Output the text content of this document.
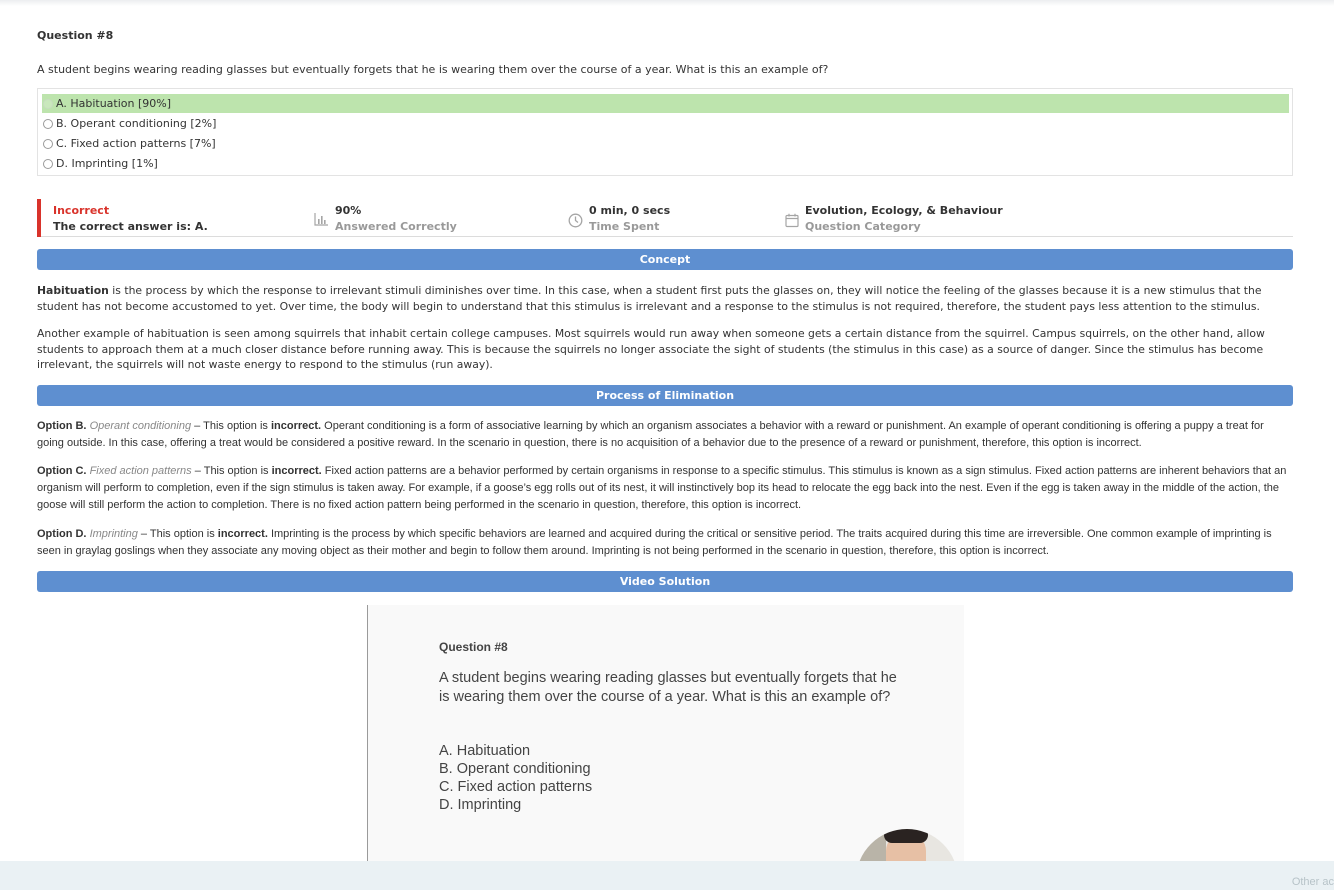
Question #8
A student begins wearing reading glasses but eventually forgets that he is wearing them over the course of a year. What is this an example of?
A. Habituation [90%]
B. Operant conditioning [2%]
C. Fixed action patterns [7%]
D. Imprinting [1%]
Incorrect
The correct answer is: A.
90%
Answered Correctly
0 min, 0 secs
Time Spent
Evolution, Ecology, & Behaviour
Question Category
Concept
Habituation is the process by which the response to irrelevant stimuli diminishes over time. In this case, when a student first puts the glasses on, they will notice the feeling of the glasses because it is a new stimulus that the student has not become accustomed to yet. Over time, the body will begin to understand that this stimulus is irrelevant and a response to the stimulus is not required, therefore, the student pays less attention to the stimulus.
Another example of habituation is seen among squirrels that inhabit certain college campuses. Most squirrels would run away when someone gets a certain distance from the squirrel. Campus squirrels, on the other hand, allow students to approach them at a much closer distance before running away. This is because the squirrels no longer associate the sight of students (the stimulus in this case) as a source of danger. Since the stimulus has become irrelevant, the squirrels will not waste energy to respond to the stimulus (run away).
Process of Elimination
Option B. Operant conditioning – This option is incorrect. Operant conditioning is a form of associative learning by which an organism associates a behavior with a reward or punishment. An example of operant conditioning is offering a puppy a treat for going outside. In this case, offering a treat would be considered a positive reward. In the scenario in question, there is no acquisition of a behavior due to the presence of a reward or punishment, therefore, this option is incorrect.
Option C. Fixed action patterns – This option is incorrect. Fixed action patterns are a behavior performed by certain organisms in response to a specific stimulus. This stimulus is known as a sign stimulus. Fixed action patterns are inherent behaviors that an organism will perform to completion, even if the sign stimulus is taken away. For example, if a goose’s egg rolls out of its nest, it will instinctively bop its head to relocate the egg back into the nest. Even if the egg is taken away in the middle of the action, the goose will still perform the action to completion. There is no fixed action pattern being performed in the scenario in question, therefore, this option is incorrect.
Option D. Imprinting – This option is incorrect. Imprinting is the process by which specific behaviors are learned and acquired during the critical or sensitive period. The traits acquired during this time are irreversible. One common example of imprinting is seen in graylag goslings when they associate any moving object as their mother and begin to follow them around. Imprinting is not being performed in the scenario in question, therefore, this option is incorrect.
Video Solution
Question #8
A student begins wearing reading glasses but eventually forgets that he is wearing them over the course of a year. What is this an example of?
A. Habituation
B. Operant conditioning
C. Fixed action patterns
D. Imprinting
Other ac
